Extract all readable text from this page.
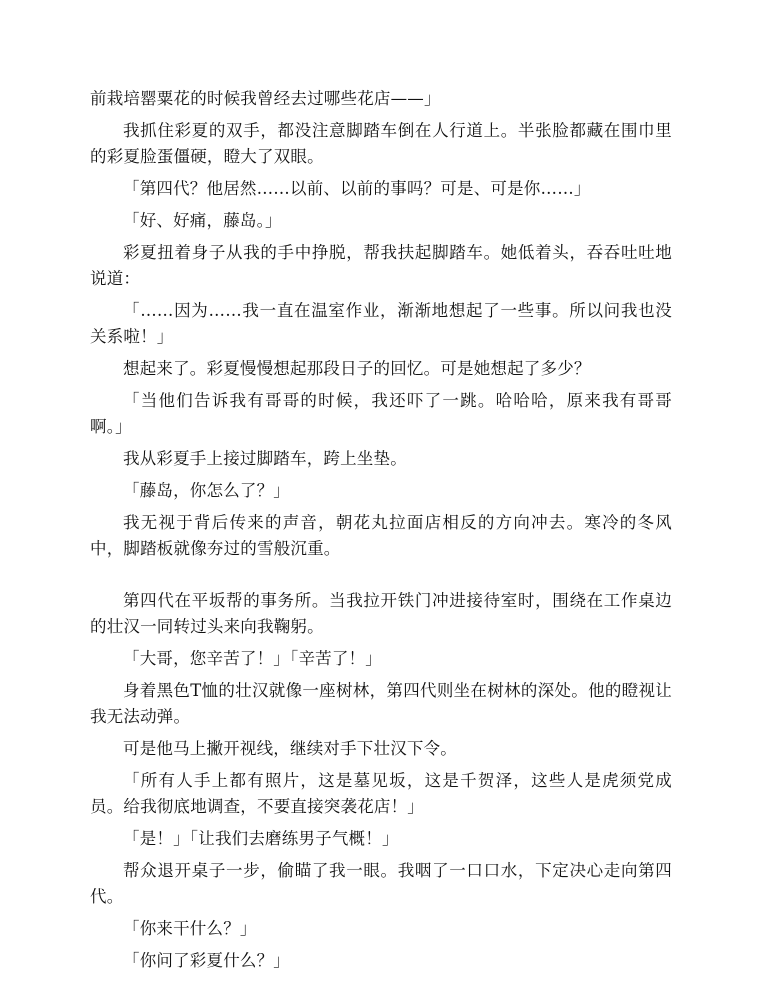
前栽培罂粟花的时候我曾经去过哪些花店——」

我抓住彩夏的双手，都没注意脚踏车倒在人行道上。半张脸都藏在围巾里的彩夏脸蛋僵硬，瞪大了双眼。

「第四代？他居然……以前、以前的事吗？可是、可是你……」

「好、好痛，藤岛。」

彩夏扭着身子从我的手中挣脱，帮我扶起脚踏车。她低着头，吞吞吐吐地说道：

「……因为……我一直在温室作业，渐渐地想起了一些事。所以问我也没关系啦！」

想起来了。彩夏慢慢想起那段日子的回忆。可是她想起了多少？

「当他们告诉我有哥哥的时候，我还吓了一跳。哈哈哈，原来我有哥哥啊。」

我从彩夏手上接过脚踏车，跨上坐垫。

「藤岛，你怎么了？」

我无视于背后传来的声音，朝花丸拉面店相反的方向冲去。寒冷的冬风中，脚踏板就像夯过的雪般沉重。

第四代在平坂帮的事务所。当我拉开铁门冲进接待室时，围绕在工作桌边的壮汉一同转过头来向我鞠躬。

「大哥，您辛苦了！」「辛苦了！」

身着黑色T恤的壮汉就像一座树林，第四代则坐在树林的深处。他的瞪视让我无法动弹。

可是他马上撇开视线，继续对手下壮汉下令。

「所有人手上都有照片，这是墓见坂，这是千贺泽，这些人是虎须党成员。给我彻底地调查，不要直接突袭花店！」

「是！」「让我们去磨练男子气概！」

帮众退开桌子一步，偷瞄了我一眼。我咽了一口口水，下定决心走向第四代。

「你来干什么？」

「你问了彩夏什么？」
